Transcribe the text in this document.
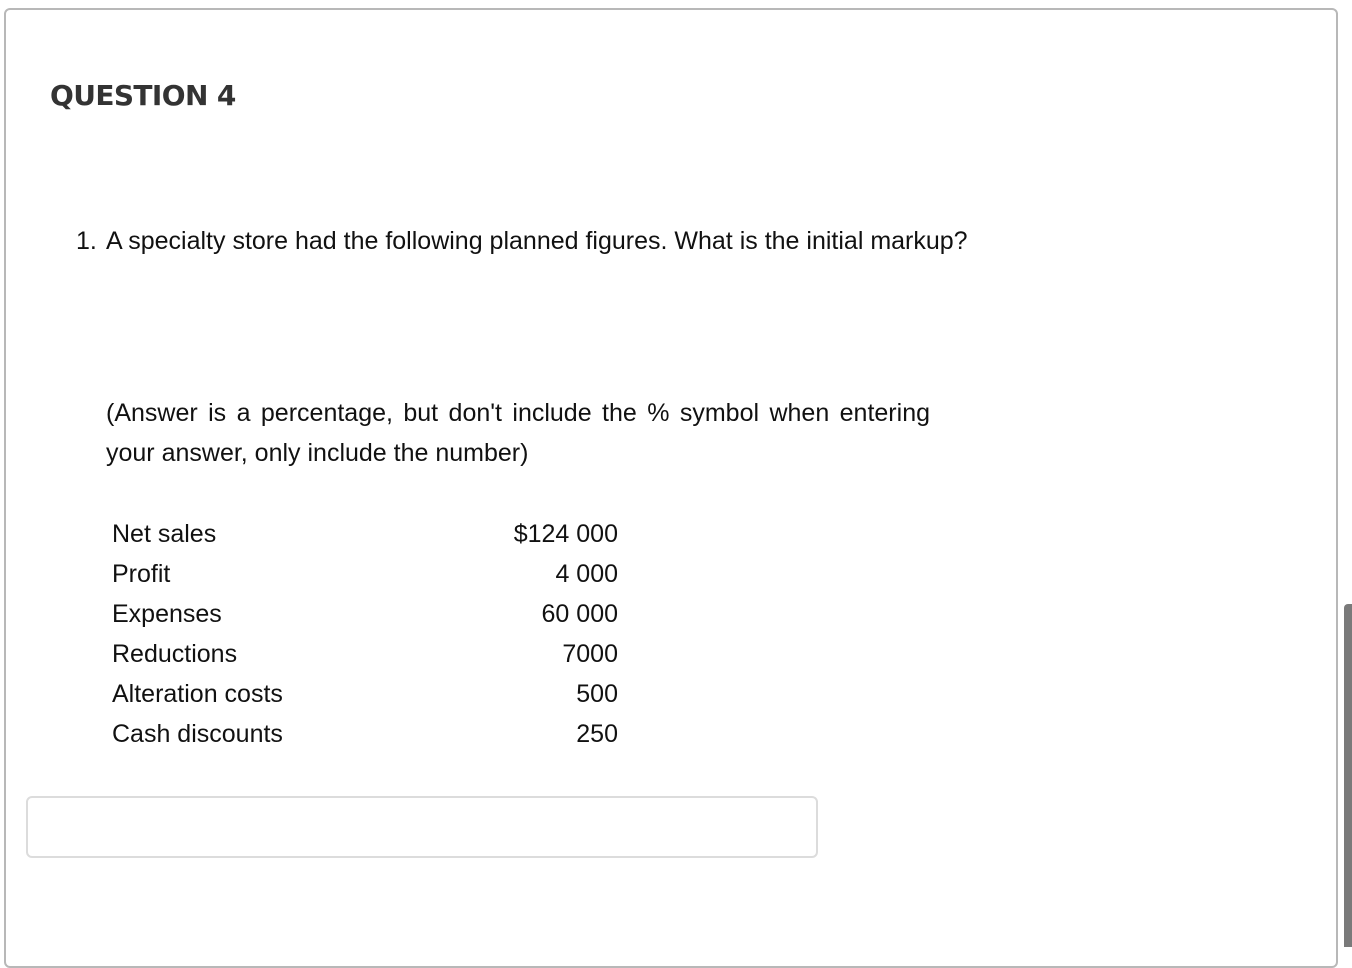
QUESTION 4
1. A specialty store had the following planned figures. What is the initial markup?
(Answer is a percentage, but don't include the % symbol when entering your answer, only include the number)
Net sales	$124 000
Profit	4 000
Expenses	60 000
Reductions	7000
Alteration costs	500
Cash discounts	250
